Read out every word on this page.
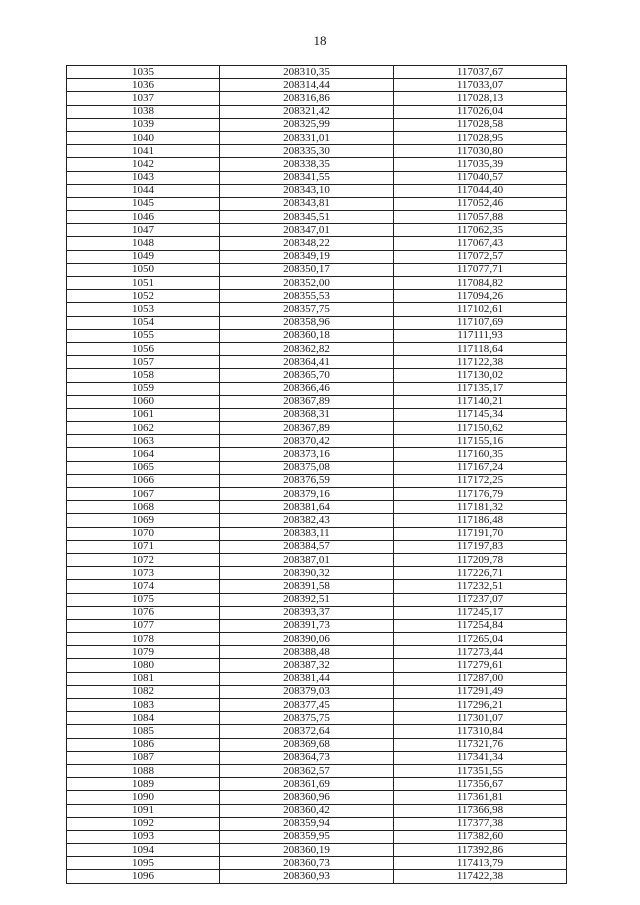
18
1035	208310,35	117037,67
1036	208314,44	117033,07
1037	208316,86	117028,13
1038	208321,42	117026,04
1039	208325,99	117028,58
1040	208331,01	117028,95
1041	208335,30	117030,80
1042	208338,35	117035,39
1043	208341,55	117040,57
1044	208343,10	117044,40
1045	208343,81	117052,46
1046	208345,51	117057,88
1047	208347,01	117062,35
1048	208348,22	117067,43
1049	208349,19	117072,57
1050	208350,17	117077,71
1051	208352,00	117084,82
1052	208355,53	117094,26
1053	208357,75	117102,61
1054	208358,96	117107,69
1055	208360,18	117111,93
1056	208362,82	117118,64
1057	208364,41	117122,38
1058	208365,70	117130,02
1059	208366,46	117135,17
1060	208367,89	117140,21
1061	208368,31	117145,34
1062	208367,89	117150,62
1063	208370,42	117155,16
1064	208373,16	117160,35
1065	208375,08	117167,24
1066	208376,59	117172,25
1067	208379,16	117176,79
1068	208381,64	117181,32
1069	208382,43	117186,48
1070	208383,11	117191,70
1071	208384,57	117197,83
1072	208387,01	117209,78
1073	208390,32	117226,71
1074	208391,58	117232,51
1075	208392,51	117237,07
1076	208393,37	117245,17
1077	208391,73	117254,84
1078	208390,06	117265,04
1079	208388,48	117273,44
1080	208387,32	117279,61
1081	208381,44	117287,00
1082	208379,03	117291,49
1083	208377,45	117296,21
1084	208375,75	117301,07
1085	208372,64	117310,84
1086	208369,68	117321,76
1087	208364,73	117341,34
1088	208362,57	117351,55
1089	208361,69	117356,67
1090	208360,96	117361,81
1091	208360,42	117366,98
1092	208359,94	117377,38
1093	208359,95	117382,60
1094	208360,19	117392,86
1095	208360,73	117413,79
1096	208360,93	117422,38
